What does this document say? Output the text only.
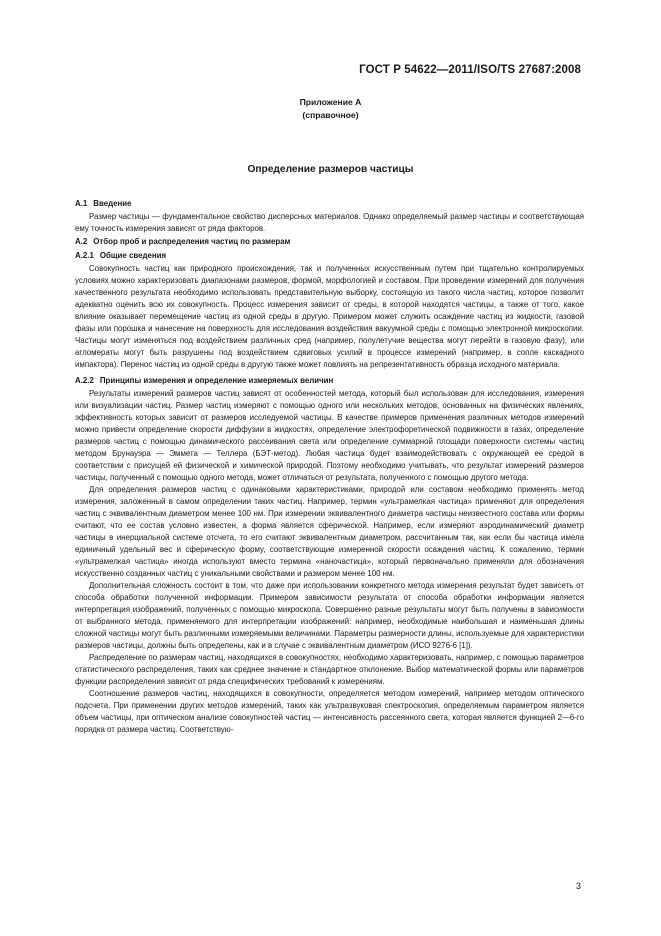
ГОСТ Р 54622—2011/ISO/TS 27687:2008
Приложение А
(справочное)
Определение размеров частицы
А.1 Введение

Размер частицы — фундаментальное свойство дисперсных материалов. Однако определяемый размер частицы и соответствующая ему точность измерения зависят от ряда факторов.

А.2 Отбор проб и распределения частиц по размерам
А.2.1 Общие сведения

Совокупность частиц как природного происхождения, так и полученных искусственным путем при тщательно контролируемых условиях можно характеризовать диапазонами размеров, формой, морфологией и составом. При проведении измерений для получения качественного результата необходимо использовать представительную выборку, состоящую из такого числа частиц, которое позволит адекватно оценить всю их совокупность. Процесс измерения зависит от среды, в которой находятся частицы, а также от того, какое влияние оказывает перемещение частиц из одной среды в другую. Примером может служить осаждение частиц из жидкости, газовой фазы или порошка и нанесение на поверхность для исследования воздействия вакуумной среды с помощью электронной микроскопии. Частицы могут изменяться под воздействием различных сред (например, полулетучие вещества могут перейти в газовую фазу), или агломераты могут быть разрушены под воздействием сдвиговых усилий в процессе измерений (например, в сопле каскадного импактора). Перенос частиц из одной среды в другую также может повлиять на репрезентативность образца исходного материала.

А.2.2 Принципы измерения и определение измеряемых величин

Результаты измерений размеров частиц зависят от особенностей метода, который был использован для исследования, измерения или визуализации частиц. Размер частиц измеряют с помощью одного или нескольких методов, основанных на физических явлениях, эффективность которых зависит от размеров исследуемой частицы. В качестве примеров применения различных методов измерений можно привести определение скорости диффузии в жидкостях, определение электрофоретической подвижности в газах, определение размеров частиц с помощью динамического рассеивания света или определение суммарной площади поверхности системы частиц методом Брунауэра — Эммета — Теллера (БЭТ-метод). Любая частица будет взаимодействовать с окружающей ее средой в соответствии с присущей ей физической и химической природой. Поэтому необходимо учитывать, что результат измерений размеров частицы, полученный с помощью одного метода, может отличаться от результата, полученного с помощью другого метода.

Для определения размеров частиц с одинаковыми характеристиками, природой или составом необходимо применять метод измерения, заложенный в самом определении таких частиц. Например, термин «ультрамелкая частица» применяют для определения частиц с эквивалентным диаметром менее 100 нм. При измерении эквивалентного диаметра частицы неизвестного состава или формы считают, что ее состав условно известен, а форма является сферической. Например, если измеряют аэродинамический диаметр частицы в инерциальной системе отсчета, то его считают эквивалентным диаметром, рассчитанным так, как если бы частица имела единичный удельный вес и сферическую форму, соответствующие измеренной скорости осаждения частиц. К сожалению, термин «ультрамелкая частица» иногда используют вместо термина «наночастица», который первоначально применяли для обозначения искусственно созданных частиц с уникальными свойствами и размером менее 100 нм.

Дополнительная сложность состоит в том, что даже при использовании конкретного метода измерения результат будет зависеть от способа обработки полученной информации. Примером зависимости результата от способа обработки информации является интерпретация изображений, полученных с помощью микроскопа. Совершенно разные результаты могут быть получены в зависимости от выбранного метода, применяемого для интерпретации изображений: например, необходимые наибольшая и наименьшая длины сложной частицы могут быть различными измеряемыми величинами. Параметры размерности длины, используемые для характеристики размеров частицы, должны быть определены, как и в случае с эквивалентным диаметром (ИСО 9276-6 [1]).

Распределение по размерам частиц, находящихся в совокупностях, необходимо характеризовать, например, с помощью параметров статистического распределения, таких как среднее значение и стандартное отклонение. Выбор математической формы или параметров функции распределения зависит от ряда специфических требований к измерениям.

Соотношение размеров частиц, находящихся в совокупности, определяется методом измерений, например методом оптического подсчета. При применении других методов измерений, таких как ультразвуковая спектроскопия, определяемым параметром является объем частицы, при оптическом анализе совокупностей частиц — интенсивность рассеянного света, которая является функцией 2—6-го порядка от размера частиц. Соответствую-

3
